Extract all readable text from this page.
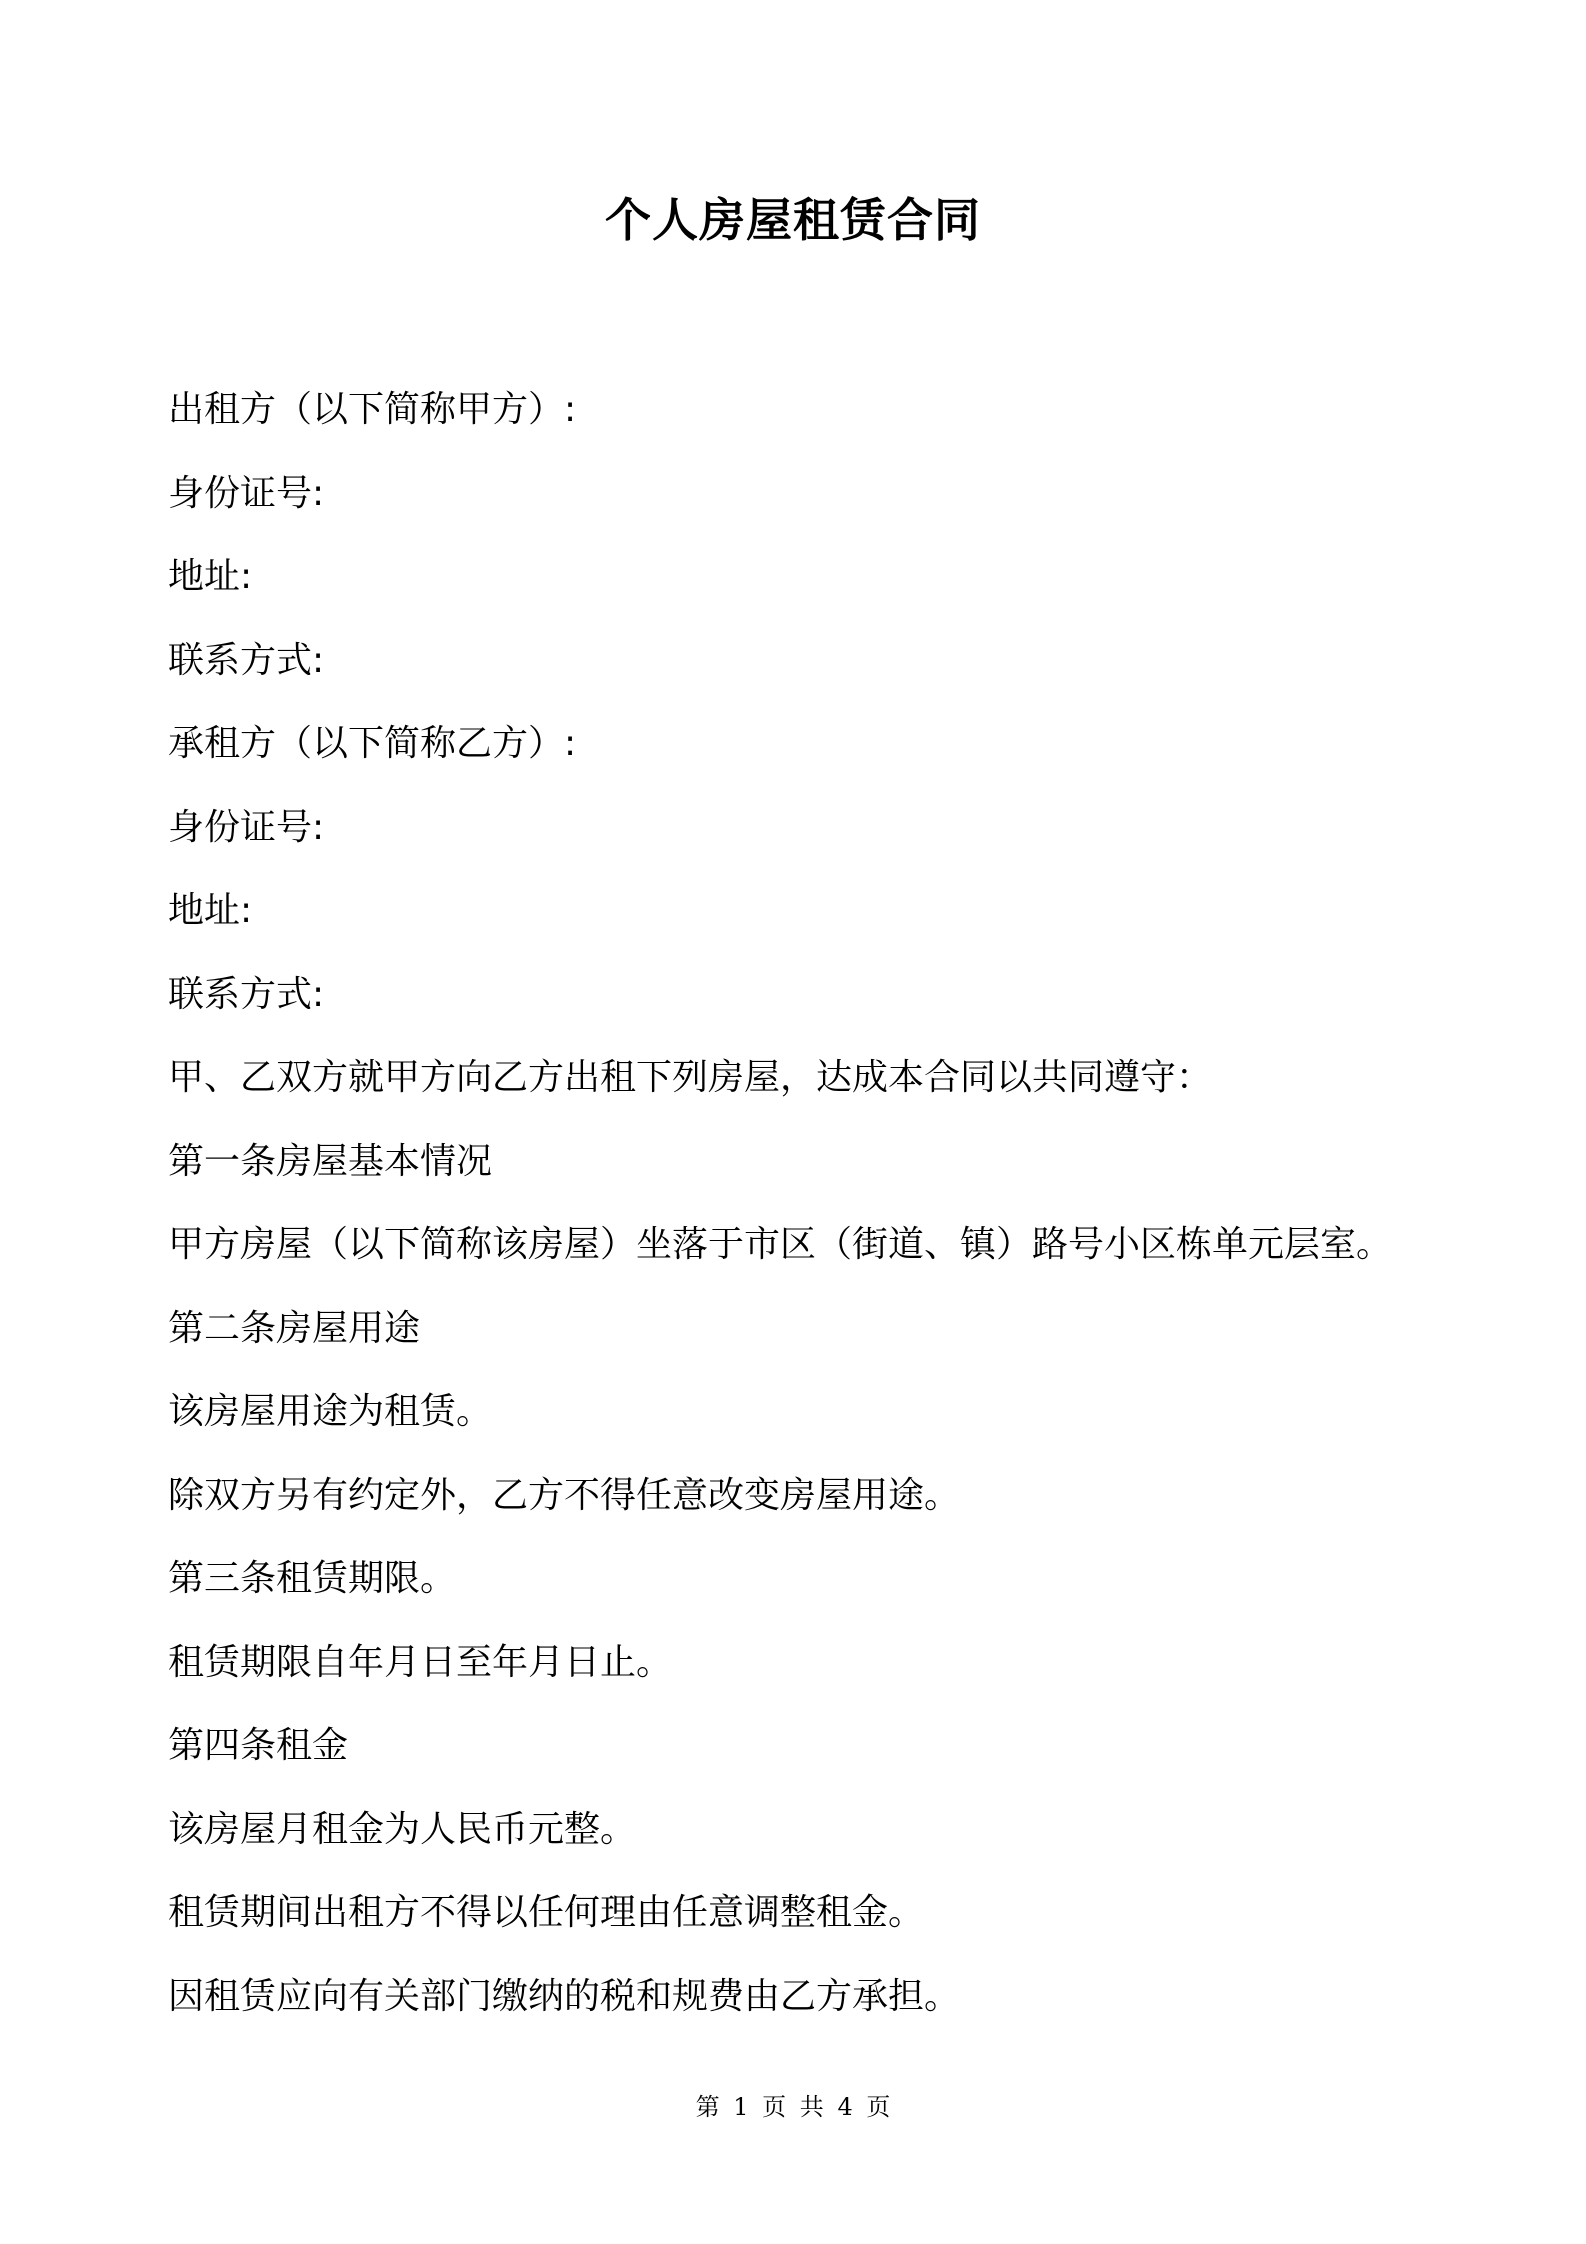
个人房屋租赁合同
出租方（以下简称甲方）:
身份证号:
地址:
联系方式:
承租方（以下简称乙方）:
身份证号:
地址:
联系方式:
甲、乙双方就甲方向乙方出租下列房屋，达成本合同以共同遵守：
第一条房屋基本情况
甲方房屋（以下简称该房屋）坐落于市区（街道、镇）路号小区栋单元层室。
第二条房屋用途
该房屋用途为租赁。
除双方另有约定外，乙方不得任意改变房屋用途。
第三条租赁期限。
租赁期限自年月日至年月日止。
第四条租金
该房屋月租金为人民币元整。
租赁期间出租方不得以任何理由任意调整租金。
因租赁应向有关部门缴纳的税和规费由乙方承担。
第 1 页 共 4 页
